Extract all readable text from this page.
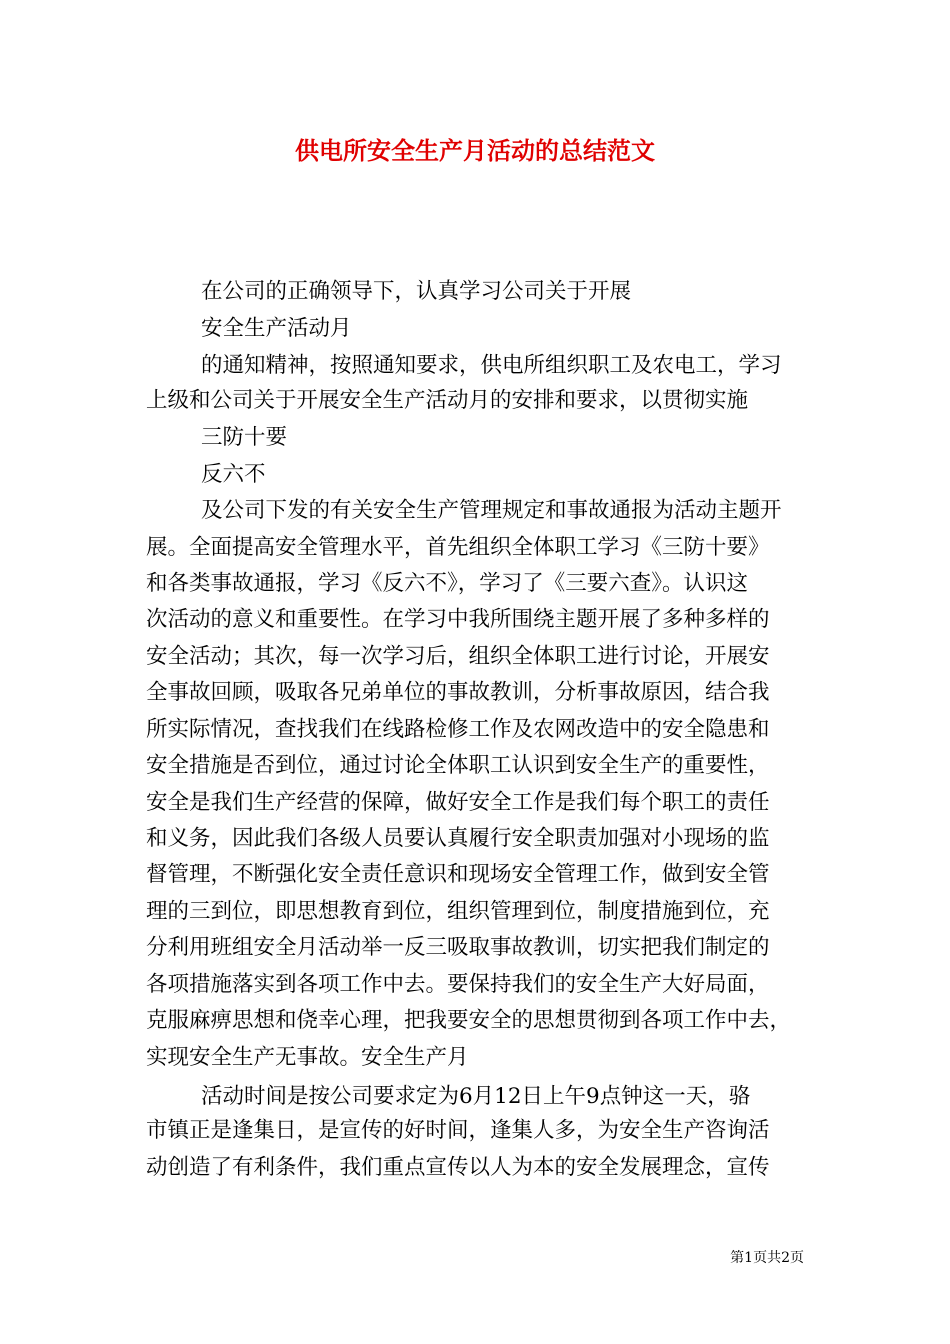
供电所安全生产月活动的总结范文
在公司的正确领导下，认真学习公司关于开展
安全生产活动月
的通知精神，按照通知要求，供电所组织职工及农电工，学习
上级和公司关于开展安全生产活动月的安排和要求，以贯彻实施
三防十要
反六不
及公司下发的有关安全生产管理规定和事故通报为活动主题开
展。全面提高安全管理水平，首先组织全体职工学习《三防十要》
和各类事故通报，学习《反六不》，学习了《三要六查》。认识这
次活动的意义和重要性。在学习中我所围绕主题开展了多种多样的
安全活动；其次，每一次学习后，组织全体职工进行讨论，开展安
全事故回顾，吸取各兄弟单位的事故教训，分析事故原因，结合我
所实际情况，查找我们在线路检修工作及农网改造中的安全隐患和
安全措施是否到位，通过讨论全体职工认识到安全生产的重要性，
安全是我们生产经营的保障，做好安全工作是我们每个职工的责任
和义务，因此我们各级人员要认真履行安全职责加强对小现场的监
督管理，不断强化安全责任意识和现场安全管理工作，做到安全管
理的三到位，即思想教育到位，组织管理到位，制度措施到位，充
分利用班组安全月活动举一反三吸取事故教训，切实把我们制定的
各项措施落实到各项工作中去。要保持我们的安全生产大好局面，
克服麻痹思想和侥幸心理，把我要安全的思想贯彻到各项工作中去，
实现安全生产无事故。安全生产月
活动时间是按公司要求定为6月12日上午9点钟这一天，骆
市镇正是逢集日，是宣传的好时间，逢集人多，为安全生产咨询活
动创造了有利条件，我们重点宣传以人为本的安全发展理念，宣传
第1页共2页
